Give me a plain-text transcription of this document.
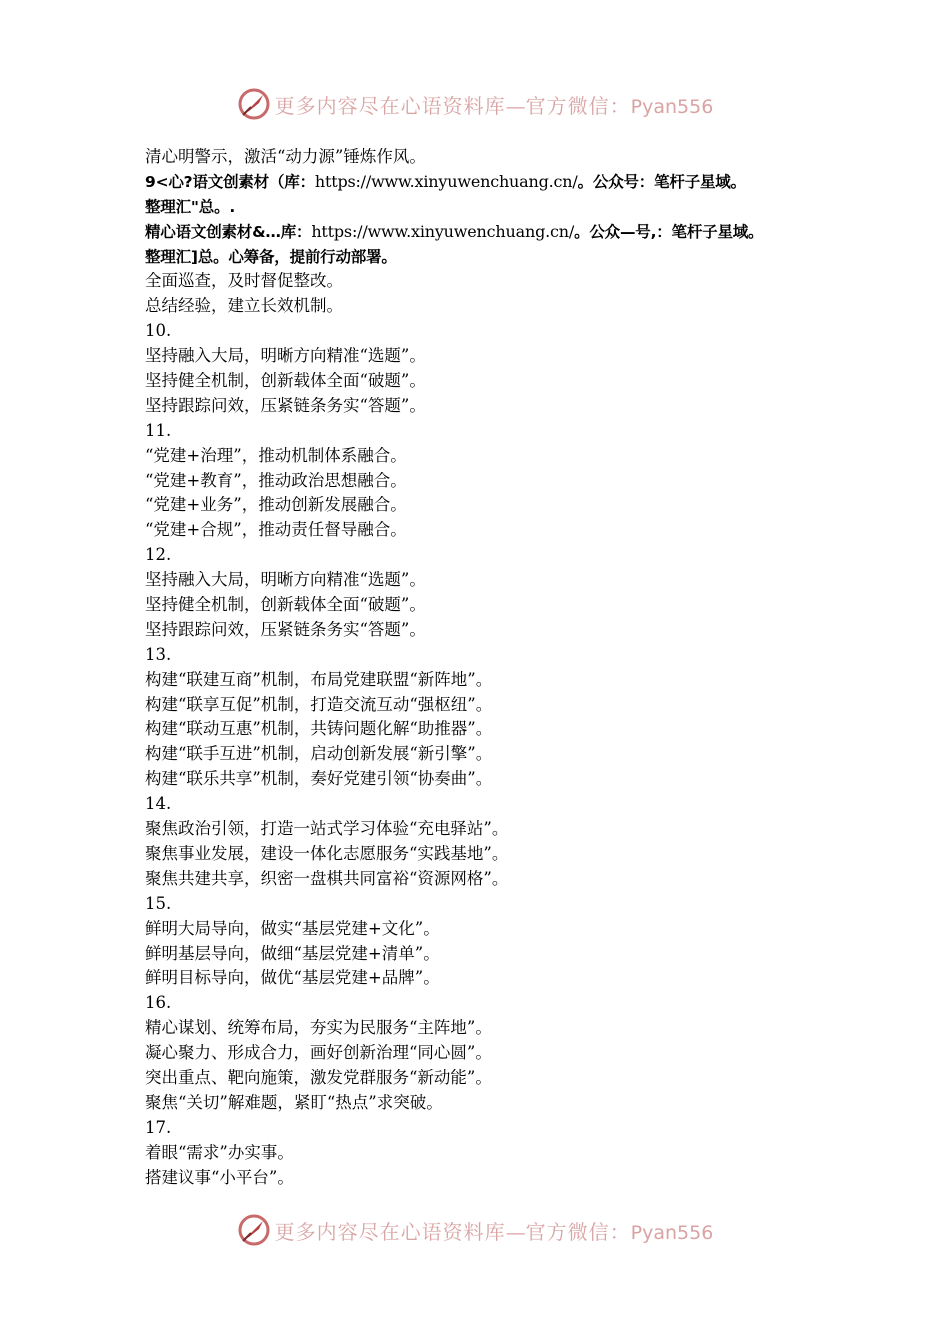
更多内容尽在心语资料库—官方微信：Pyan556
清心明警示，激活“动力源”锤炼作风。
9<心?语文创素材（库：https://www.xinyuwenchuang.cn/。公众号：笔杆子星域。
整理汇"总。.
精心语文创素材&…库：https://www.xinyuwenchuang.cn/。公众—号,：笔杆子星域。
整理汇]总。心筹备，提前行动部署。
全面巡查，及时督促整改。
总结经验，建立长效机制。
10.
坚持融入大局，明晰方向精准“选题”。
坚持健全机制，创新载体全面“破题”。
坚持跟踪问效，压紧链条务实“答题”。
11.
“党建+治理”，推动机制体系融合。
“党建+教育”，推动政治思想融合。
“党建+业务”，推动创新发展融合。
“党建+合规”，推动责任督导融合。
12.
坚持融入大局，明晰方向精准“选题”。
坚持健全机制，创新载体全面“破题”。
坚持跟踪问效，压紧链条务实“答题”。
13.
构建“联建互商”机制，布局党建联盟“新阵地”。
构建“联享互促”机制，打造交流互动“强枢纽”。
构建“联动互惠”机制，共铸问题化解“助推器”。
构建“联手互进”机制，启动创新发展“新引擎”。
构建“联乐共享”机制，奏好党建引领“协奏曲”。
14.
聚焦政治引领，打造一站式学习体验“充电驿站”。
聚焦事业发展，建设一体化志愿服务“实践基地”。
聚焦共建共享，织密一盘棋共同富裕“资源网格”。
15.
鲜明大局导向，做实“基层党建+文化”。
鲜明基层导向，做细“基层党建+清单”。
鲜明目标导向，做优“基层党建+品牌”。
16.
精心谋划、统筹布局，夯实为民服务“主阵地”。
凝心聚力、形成合力，画好创新治理“同心圆”。
突出重点、靶向施策，激发党群服务“新动能”。
聚焦“关切”解难题，紧盯“热点”求突破。
17.
着眼“需求”办实事。
搭建议事“小平台”。
更多内容尽在心语资料库—官方微信：Pyan556
